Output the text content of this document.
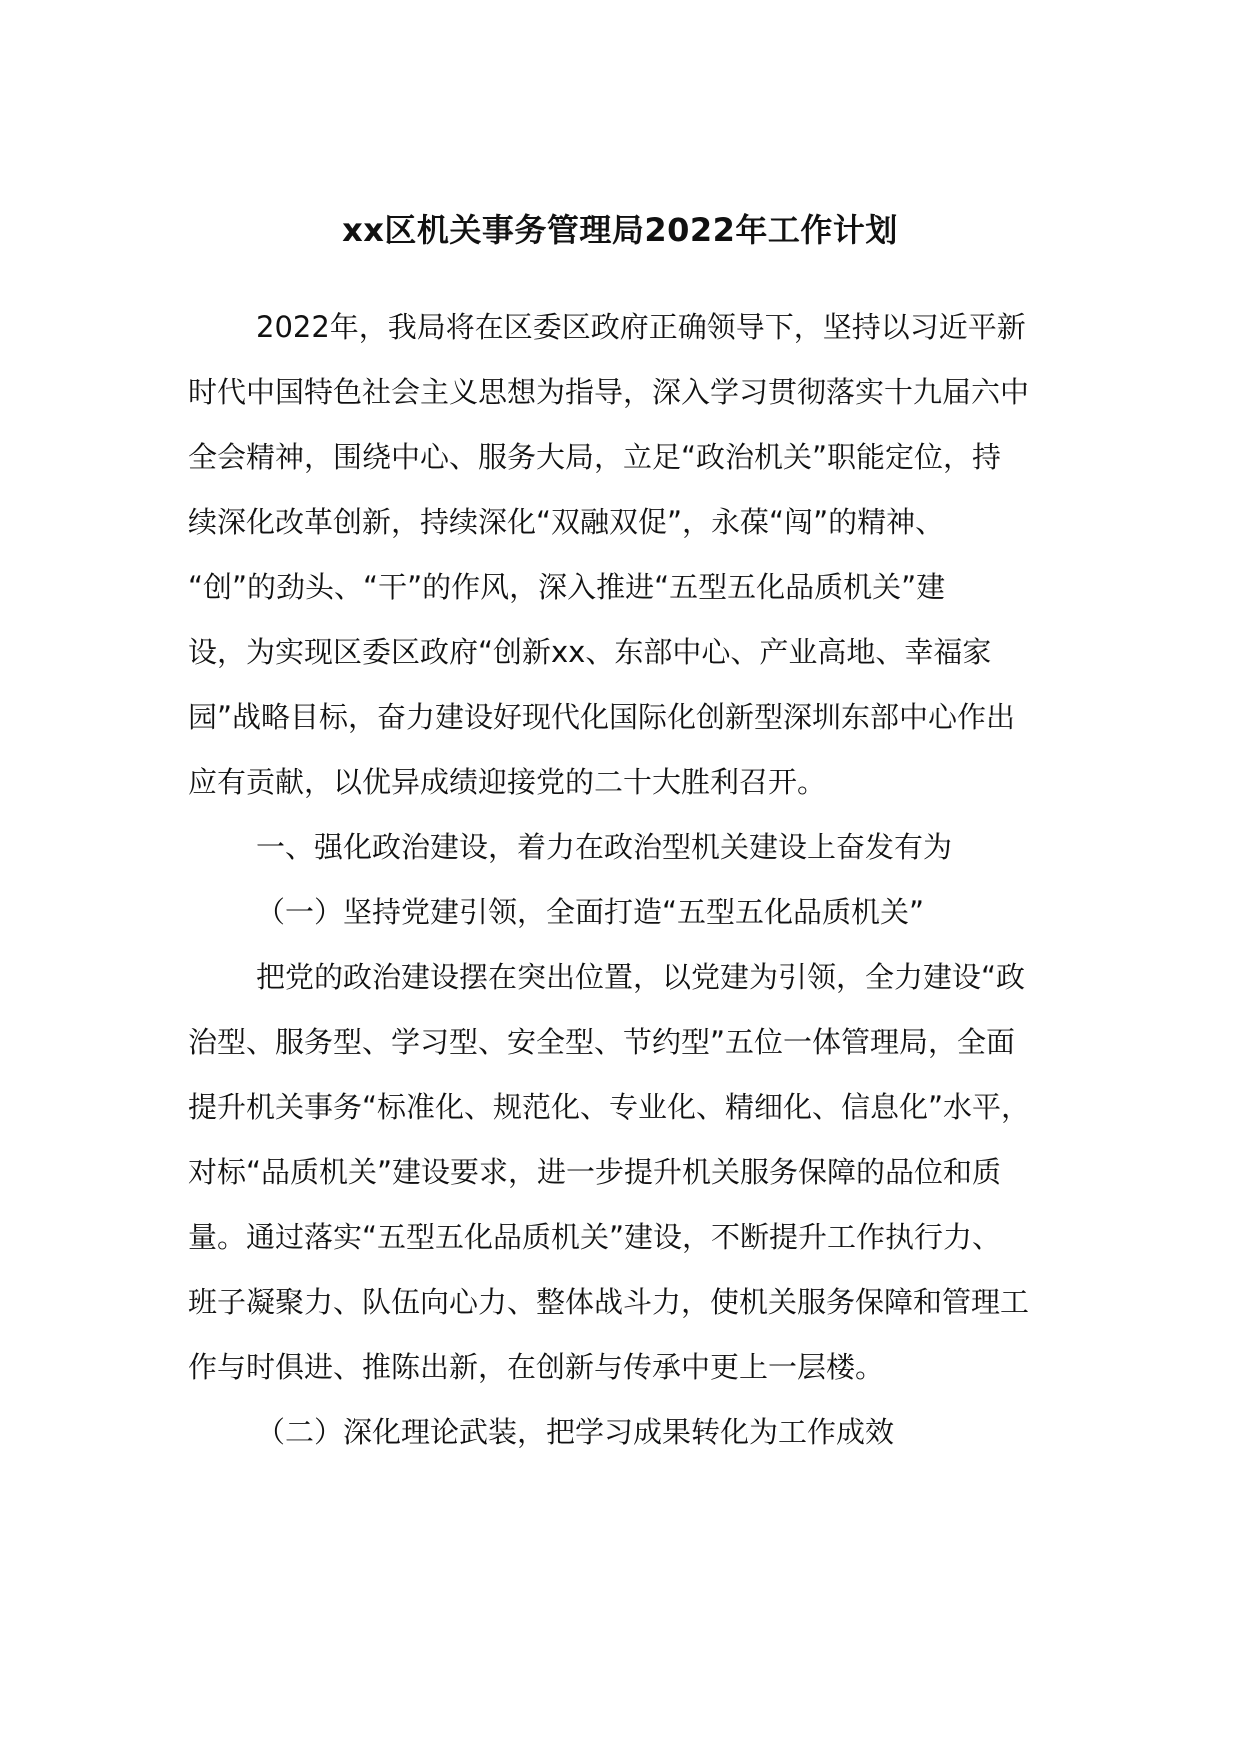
xx区机关事务管理局2022年工作计划

2022年，我局将在区委区政府正确领导下，坚持以习近平新

时代中国特色社会主义思想为指导，深入学习贯彻落实十九届六中

全会精神，围绕中心、服务大局，立足“政治机关”职能定位，持

续深化改革创新，持续深化“双融双促”，永葆“闯”的精神、

“创”的劲头、“干”的作风，深入推进“五型五化品质机关”建

设，为实现区委区政府“创新xx、东部中心、产业高地、幸福家

园”战略目标，奋力建设好现代化国际化创新型深圳东部中心作出

应有贡献，以优异成绩迎接党的二十大胜利召开。

一、强化政治建设，着力在政治型机关建设上奋发有为

（一）坚持党建引领，全面打造“五型五化品质机关”

把党的政治建设摆在突出位置，以党建为引领，全力建设“政

治型、服务型、学习型、安全型、节约型”五位一体管理局，全面

提升机关事务“标准化、规范化、专业化、精细化、信息化”水平，

对标“品质机关”建设要求，进一步提升机关服务保障的品位和质

量。通过落实“五型五化品质机关”建设，不断提升工作执行力、

班子凝聚力、队伍向心力、整体战斗力，使机关服务保障和管理工

作与时俱进、推陈出新，在创新与传承中更上一层楼。

（二）深化理论武装，把学习成果转化为工作成效
